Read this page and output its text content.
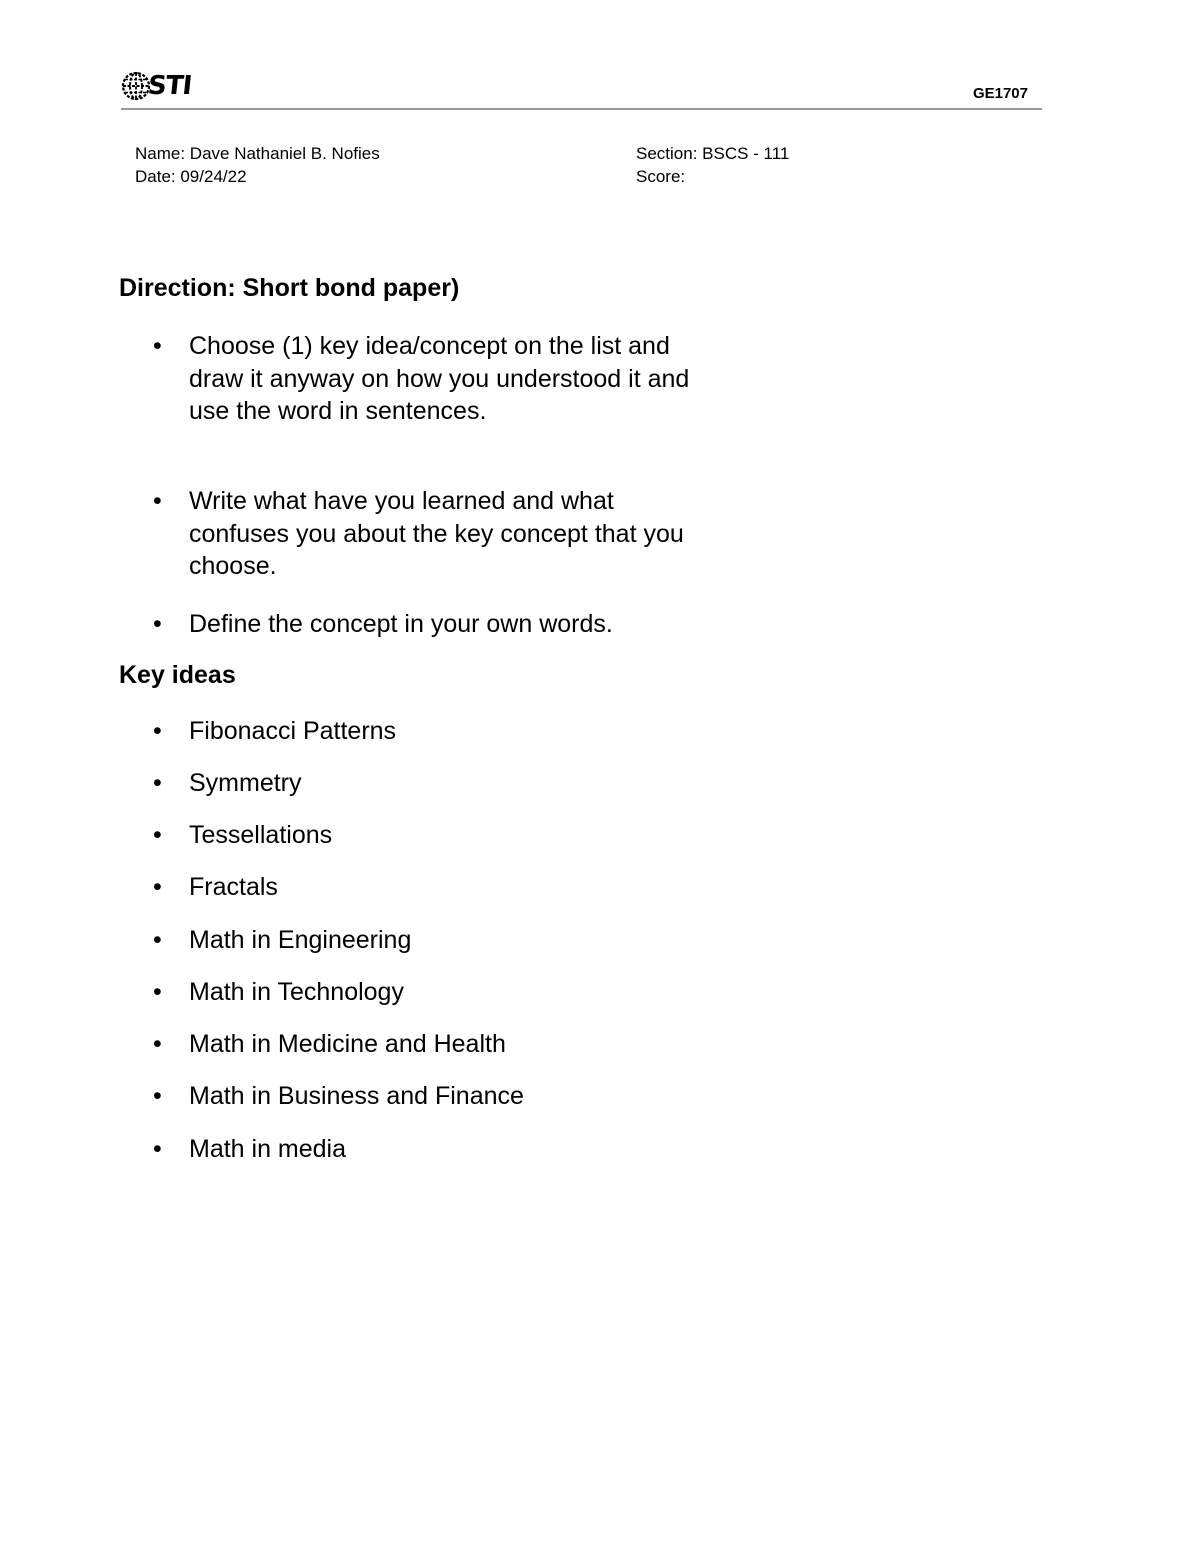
STI	GE1707
Name: Dave Nathaniel B. Nofies
Date: 09/24/22
Section: BSCS - 111
Score:
Direction: Short bond paper)
•	Choose (1) key idea/concept on the list and draw it anyway on how you understood it and use the word in sentences.
•	Write what have you learned and what confuses you about the key concept that you choose.
•	Define the concept in your own words.
Key ideas
•	Fibonacci Patterns
•	Symmetry
•	Tessellations
•	Fractals
•	Math in Engineering
•	Math in Technology
•	Math in Medicine and Health
•	Math in Business and Finance
•	Math in media
